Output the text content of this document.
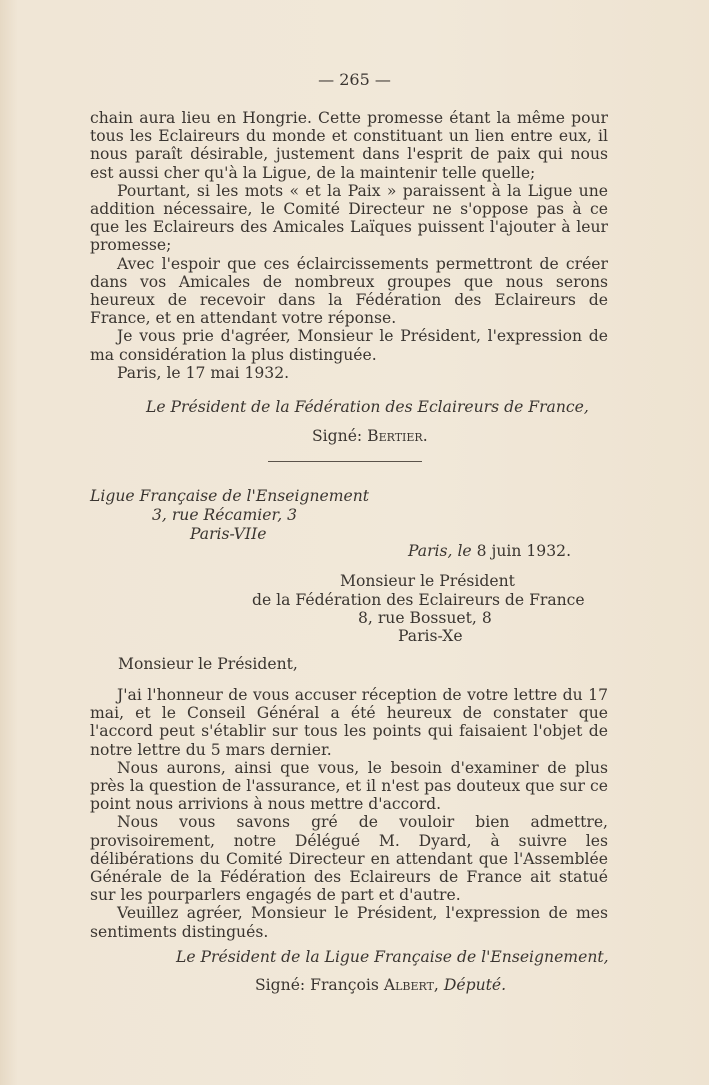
— 265 —

chain aura lieu en Hongrie. Cette promesse étant la même pour tous les Eclaireurs du monde et constituant un lien entre eux, il nous paraît désirable, justement dans l'esprit de paix qui nous est aussi cher qu'à la Ligue, de la maintenir telle quelle;

Pourtant, si les mots « et la Paix » paraissent à la Ligue une addition nécessaire, le Comité Directeur ne s'oppose pas à ce que les Eclaireurs des Amicales Laïques puissent l'ajouter à leur promesse;

Avec l'espoir que ces éclaircissements permettront de créer dans vos Amicales de nombreux groupes que nous serons heureux de recevoir dans la Fédération des Eclaireurs de France, et en attendant votre réponse.

Je vous prie d'agréer, Monsieur le Président, l'expression de ma considération la plus distinguée.

Paris, le 17 mai 1932.

Le Président de la Fédération des Eclaireurs de France,
Signé: Bertier.
Ligue Française de l'Enseignement
3, rue Récamier, 3
Paris-VIIe
Paris, le 8 juin 1932.
Monsieur le Président
de la Fédération des Eclaireurs de France
8, rue Bossuet, 8
Paris-Xe
Monsieur le Président,

J'ai l'honneur de vous accuser réception de votre lettre du 17 mai, et le Conseil Général a été heureux de constater que l'accord peut s'établir sur tous les points qui faisaient l'objet de notre lettre du 5 mars dernier.

Nous aurons, ainsi que vous, le besoin d'examiner de plus près la question de l'assurance, et il n'est pas douteux que sur ce point nous arrivions à nous mettre d'accord.

Nous vous savons gré de vouloir bien admettre, provisoirement, notre Délégué M. Dyard, à suivre les délibérations du Comité Directeur en attendant que l'Assemblée Générale de la Fédération des Eclaireurs de France ait statué sur les pourparlers engagés de part et d'autre.

Veuillez agréer, Monsieur le Président, l'expression de mes sentiments distingués.

Le Président de la Ligue Française de l'Enseignement,
Signé: François Albert, Député.
